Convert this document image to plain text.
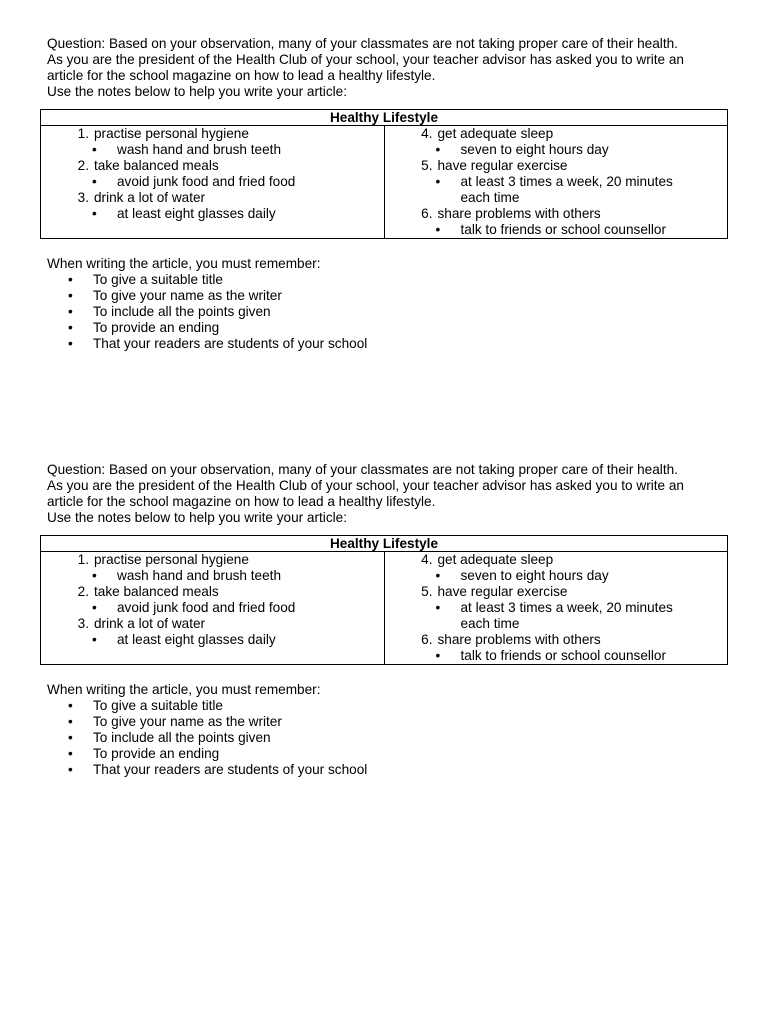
Question: Based on your observation, many of your classmates are not taking proper care of their health.

As you are the president of the Health Club of your school, your teacher advisor has asked you to write an

article for the school magazine on how to lead a healthy lifestyle.

Use the notes below to help you write your article:

Healthy Lifestyle

1. practise personal hygiene
• wash hand and brush teeth
2. take balanced meals
• avoid junk food and fried food
3. drink a lot of water
• at least eight glasses daily

4. get adequate sleep
• seven to eight hours day
5. have regular exercise
• at least 3 times a week, 20 minutes
each time
6. share problems with others
• talk to friends or school counsellor

When writing the article, you must remember:

• To give a suitable title
• To give your name as the writer
• To include all the points given
• To provide an ending
• That your readers are students of your school

Question: Based on your observation, many of your classmates are not taking proper care of their health.

As you are the president of the Health Club of your school, your teacher advisor has asked you to write an

article for the school magazine on how to lead a healthy lifestyle.

Use the notes below to help you write your article:

Healthy Lifestyle

1. practise personal hygiene
• wash hand and brush teeth
2. take balanced meals
• avoid junk food and fried food
3. drink a lot of water
• at least eight glasses daily

4. get adequate sleep
• seven to eight hours day
5. have regular exercise
• at least 3 times a week, 20 minutes
each time
6. share problems with others
• talk to friends or school counsellor

When writing the article, you must remember:

• To give a suitable title
• To give your name as the writer
• To include all the points given
• To provide an ending
• That your readers are students of your school
